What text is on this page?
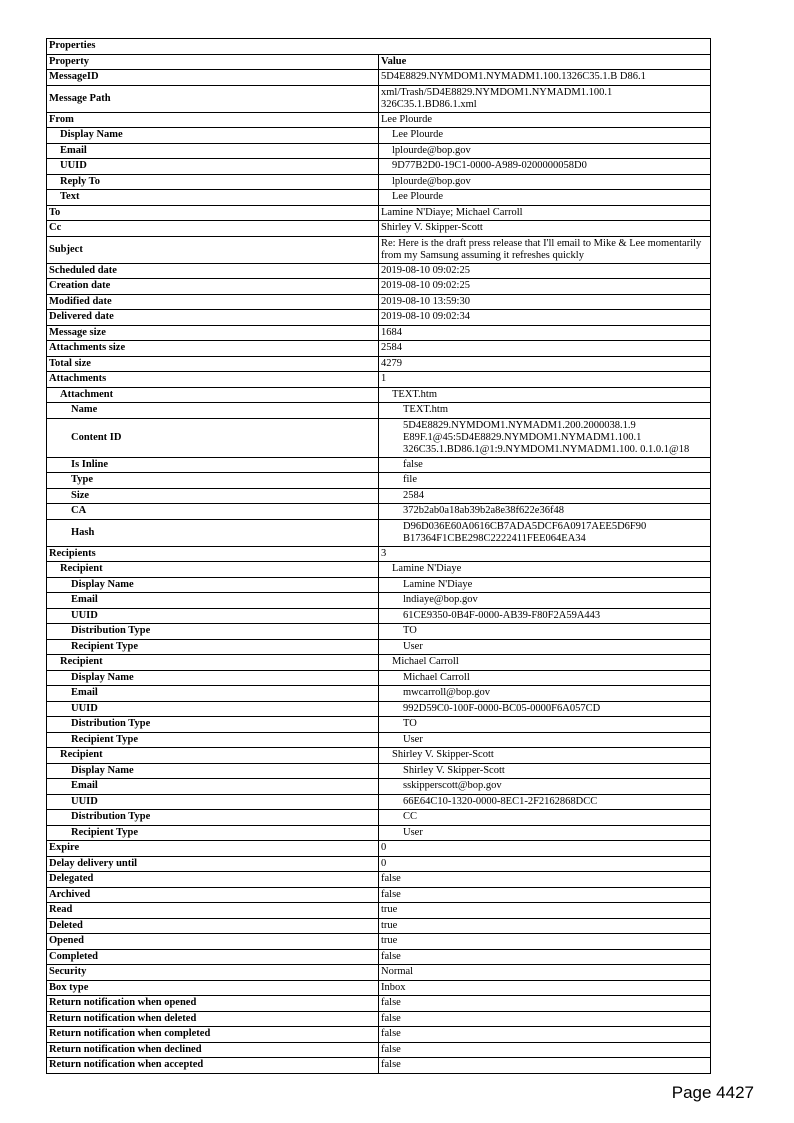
Properties	
Property	Value
MessageID	5D4E8829.NYMDOM1.NYMADM1.100.1326C35.1.B D86.1
Message Path	xml/Trash/5D4E8829.NYMDOM1.NYMADM1.100.1 326C35.1.BD86.1.xml
From	Lee Plourde
Display Name	Lee Plourde
Email	lplourde@bop.gov
UUID	9D77B2D0-19C1-0000-A989-0200000058D0
Reply To	lplourde@bop.gov
Text	Lee Plourde
To	Lamine N'Diaye; Michael Carroll
Cc	Shirley V. Skipper-Scott
Subject	Re: Here is the draft press release that I'll email to Mike & Lee momentarily from my Samsung assuming it refreshes quickly
Scheduled date	2019-08-10 09:02:25
Creation date	2019-08-10 09:02:25
Modified date	2019-08-10 13:59:30
Delivered date	2019-08-10 09:02:34
Message size	1684
Attachments size	2584
Total size	4279
Attachments	1
Attachment	TEXT.htm
Name	TEXT.htm
Content ID	5D4E8829.NYMDOM1.NYMADM1.200.2000038.1.9 E89F.1@45:5D4E8829.NYMDOM1.NYMADM1.100.1 326C35.1.BD86.1@1:9.NYMDOM1.NYMADM1.100. 0.1.0.1@18
Is Inline	false
Type	file
Size	2584
CA	372b2ab0a18ab39b2a8e38f622e36f48
Hash	D96D036E60A0616CB7ADA5DCF6A0917AEE5D6F90 B17364F1CBE298C2222411FEE064EA34
Recipients	3
Recipient	Lamine N'Diaye
Display Name	Lamine N'Diaye
Email	lndiaye@bop.gov
UUID	61CE9350-0B4F-0000-AB39-F80F2A59A443
Distribution Type	TO
Recipient Type	User
Recipient	Michael Carroll
Display Name	Michael Carroll
Email	mwcarroll@bop.gov
UUID	992D59C0-100F-0000-BC05-0000F6A057CD
Distribution Type	TO
Recipient Type	User
Recipient	Shirley V. Skipper-Scott
Display Name	Shirley V. Skipper-Scott
Email	sskipperscott@bop.gov
UUID	66E64C10-1320-0000-8EC1-2F2162868DCC
Distribution Type	CC
Recipient Type	User
Expire	0
Delay delivery until	0
Delegated	false
Archived	false
Read	true
Deleted	true
Opened	true
Completed	false
Security	Normal
Box type	Inbox
Return notification when opened	false
Return notification when deleted	false
Return notification when completed	false
Return notification when declined	false
Return notification when accepted	false
Page 4427
